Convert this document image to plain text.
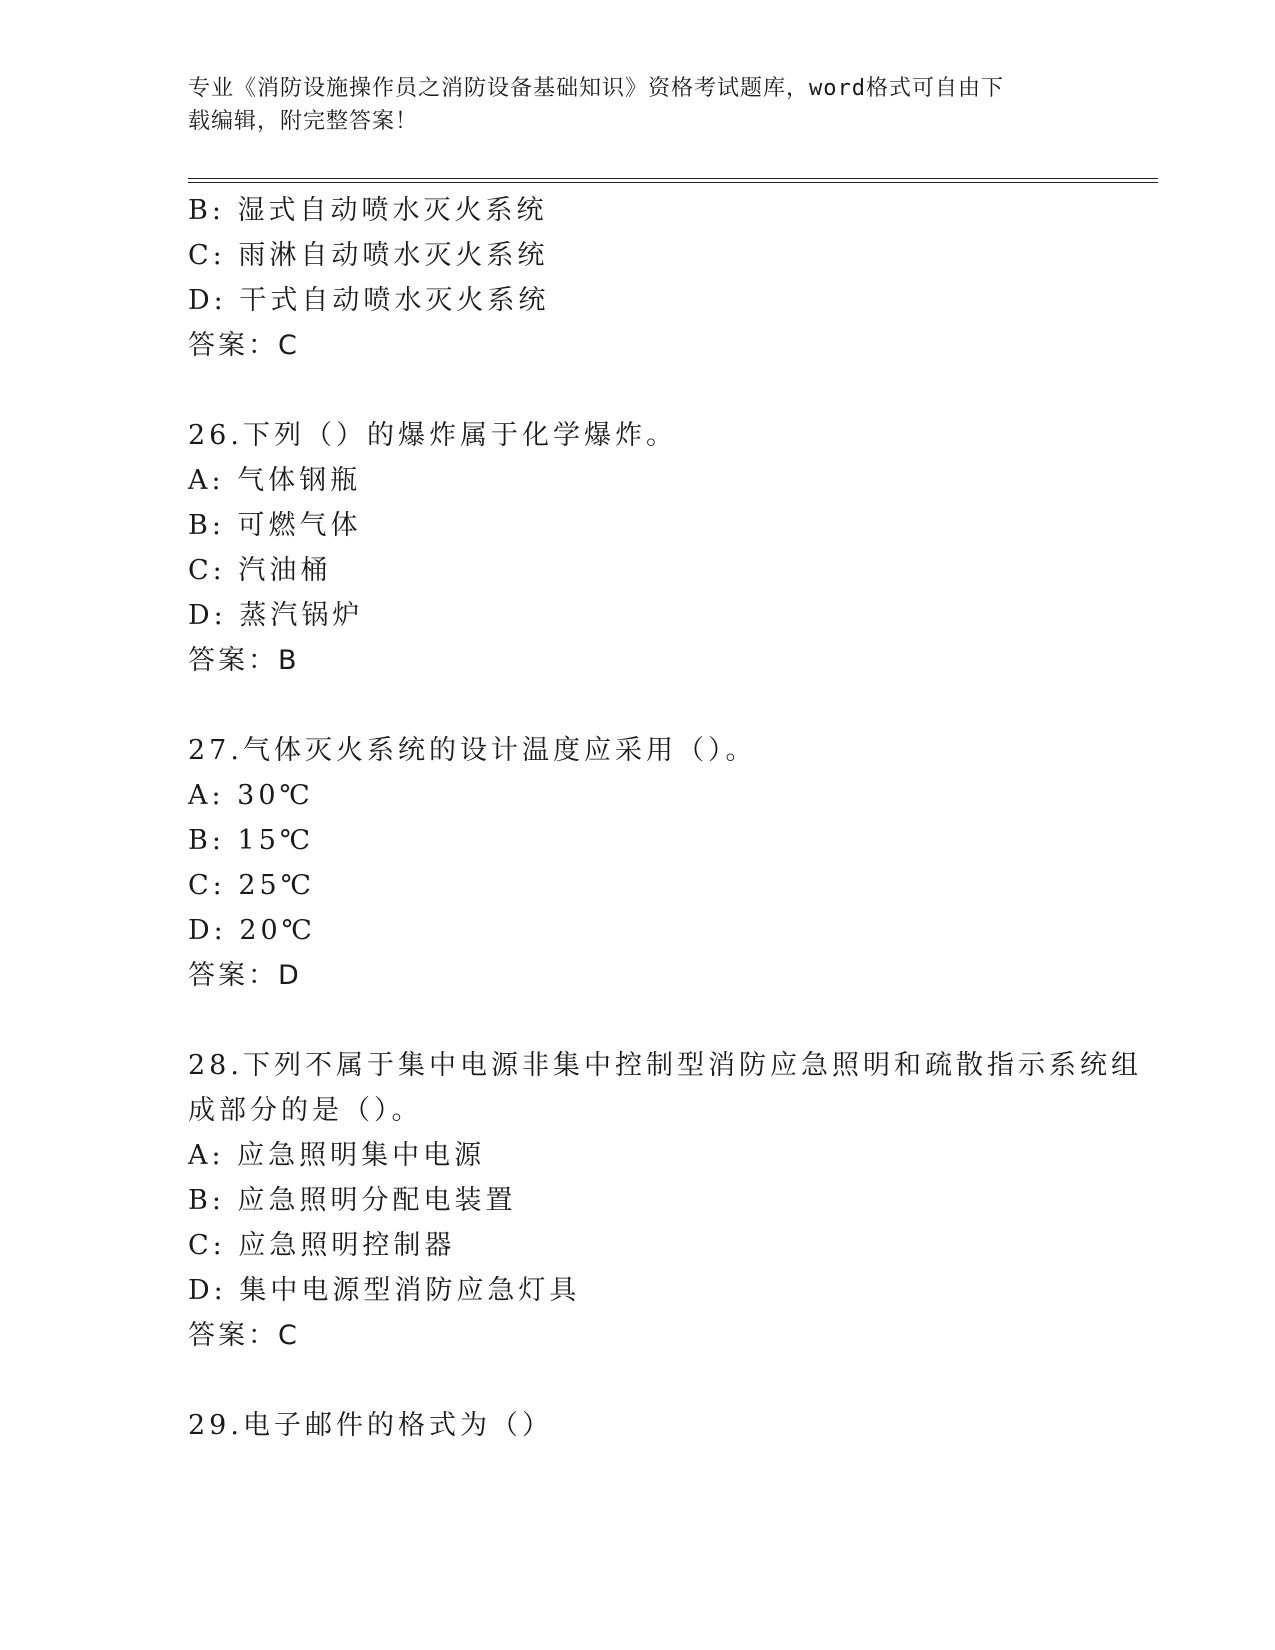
专业《消防设施操作员之消防设备基础知识》资格考试题库，word格式可自由下
载编辑，附完整答案！
B: 湿式自动喷水灭火系统
C: 雨淋自动喷水灭火系统
D: 干式自动喷水灭火系统
答案：C
26.下列（）的爆炸属于化学爆炸。
A: 气体钢瓶
B: 可燃气体
C: 汽油桶
D: 蒸汽锅炉
答案：B
27.气体灭火系统的设计温度应采用（）。
A: 30℃
B: 15℃
C: 25℃
D: 20℃
答案：D
28.下列不属于集中电源非集中控制型消防应急照明和疏散指示系统组
成部分的是（）。
A: 应急照明集中电源
B: 应急照明分配电装置
C: 应急照明控制器
D: 集中电源型消防应急灯具
答案：C
29.电子邮件的格式为（）
